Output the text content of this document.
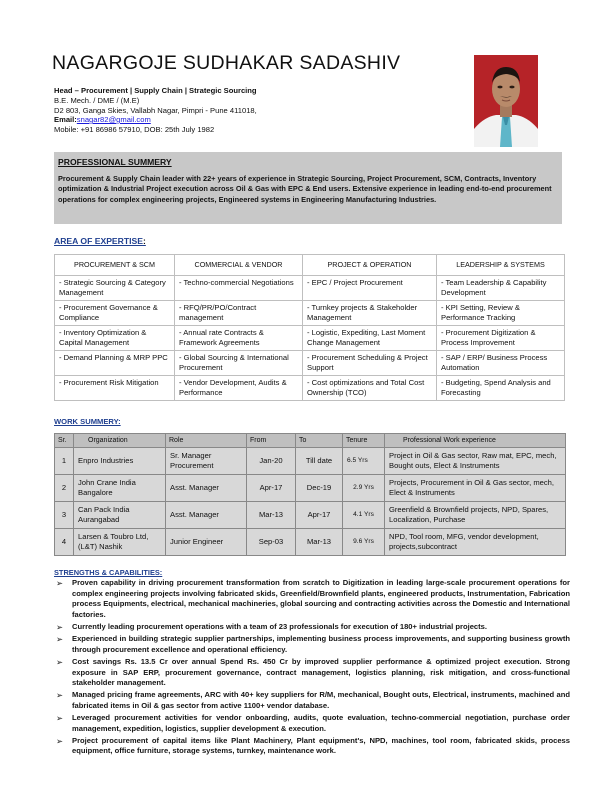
NAGARGOJE SUDHAKAR SADASHIV
Head – Procurement | Supply Chain | Strategic Sourcing
B.E. Mech. / DME / (M.E)
D2 803, Ganga Skies, Vallabh Nagar, Pimpri - Pune 411018,
Email:snagar82@gmail.com
Mobile: +91 86986 57910, DOB: 25th July 1982
PROFESSIONAL SUMMERY
Procurement & Supply Chain leader with 22+ years of experience in Strategic Sourcing, Project Procurement, SCM, Contracts, Inventory optimization & Industrial Project execution across Oil & Gas with EPC & End users. Extensive experience in leading end-to-end procurement operations for complex engineering projects, Engineered systems in Engineering Manufacturing Industries.
AREA OF EXPERTISE:
PROCUREMENT & SCM	COMMERCIAL & VENDOR	PROJECT & OPERATION	LEADERSHIP & SYSTEMS
- Strategic Sourcing & Category Management	- Techno-commercial Negotiations	- EPC / Project Procurement	- Team Leadership & Capability Development
- Procurement Governance & Compliance	- RFQ/PR/PO/Contract management	- Turnkey projects & Stakeholder Management	- KPI Setting, Review & Performance Tracking
- Inventory Optimization & Capital Management	- Annual rate Contracts & Framework Agreements	- Logistic, Expediting, Last Moment Change Management	- Procurement Digitization & Process Improvement
- Demand Planning & MRP PPC	- Global Sourcing & International Procurement	- Procurement Scheduling & Project Support	- SAP / ERP/ Business Process Automation
- Procurement Risk Mitigation	- Vendor Development, Audits & Performance	- Cost optimizations and Total Cost Ownership (TCO)	- Budgeting, Spend Analysis and Forecasting
WORK SUMMERY:
Sr.	Organization	Role	From	To	Tenure	Professional Work experience
1	Enpro Industries	Sr. Manager Procurement	Jan-20	Till date	6.5 Yrs	Project in Oil & Gas sector, Raw mat, EPC, mech, Bought outs, Elect & Instruments
2	John Crane India Bangalore	Asst. Manager	Apr-17	Dec-19	2.9 Yrs	Projects, Procurement in Oil & Gas sector, mech, Elect & Instruments
3	Can Pack India Aurangabad	Asst. Manager	Mar-13	Apr-17	4.1 Yrs	Greenfield & Brownfield projects, NPD, Spares, Localization, Purchase
4	Larsen & Toubro Ltd, (L&T) Nashik	Junior Engineer	Sep-03	Mar-13	9.6 Yrs	NPD, Tool room, MFG, vendor development, projects,subcontract
STRENGTHS & CAPABILITIES:
➢ Proven capability in driving procurement transformation from scratch to Digitization in leading large-scale procurement operations for complex engineering projects involving fabricated skids, Greenfield/Brownfield plants, engineered products, Instrumentation, Fabrication process Equipments, electrical, mechanical machineries, global sourcing and contracting activities across the Domestic and International factories.
➢ Currently leading procurement operations with a team of 23 professionals for execution of 180+ industrial projects.
➢ Experienced in building strategic supplier partnerships, implementing business process improvements, and supporting business growth through procurement excellence and operational efficiency.
➢ Cost savings Rs. 13.5 Cr over annual Spend Rs. 450 Cr by improved supplier performance & optimized project execution. Strong exposure in SAP ERP, procurement governance, contract management, logistics planning, risk mitigation, and cross-functional stakeholder management.
➢ Managed pricing frame agreements, ARC with 40+ key suppliers for R/M, mechanical, Bought outs, Electrical, instruments, machined and fabricated items in Oil & gas sector from active 1100+ vendor database.
➢ Leveraged procurement activities for vendor onboarding, audits, quote evaluation, techno-commercial negotiation, purchase order management, expedition, logistics, supplier development & execution.
➢ Project procurement of capital items like Plant Machinery, Plant equipment's, NPD, machines, tool room, fabricated skids, process equipment, office furniture, storage systems, turnkey, maintenance work.
